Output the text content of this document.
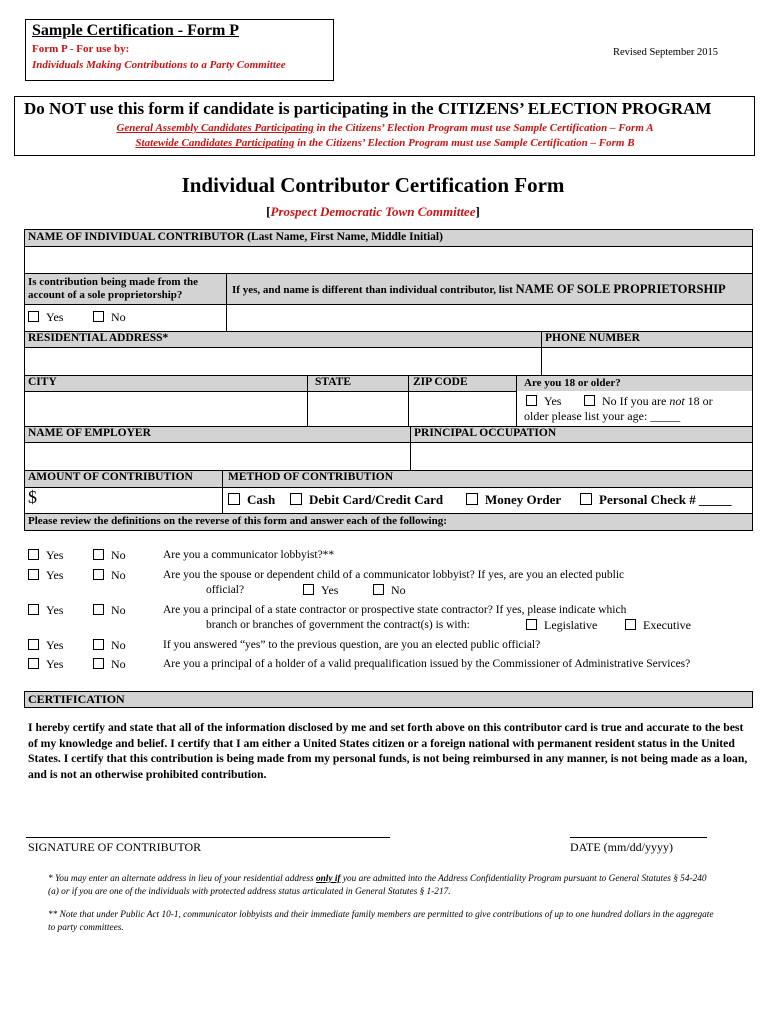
Sample Certification - Form P
Form P - For use by:
Individuals Making Contributions to a Party Committee
Revised September 2015
Do NOT use this form if candidate is participating in the CITIZENS’ ELECTION PROGRAM
General Assembly Candidates Participating in the Citizens’ Election Program must use Sample Certification – Form A
Statewide Candidates Participating in the Citizens’ Election Program must use Sample Certification – Form B
Individual Contributor Certification Form
[Prospect Democratic Town Committee]
NAME OF INDIVIDUAL CONTRIBUTOR (Last Name, First Name, Middle Initial)
Is contribution being made from the account of a sole proprietorship?	If yes, and name is different than individual contributor, list NAME OF SOLE PROPRIETORSHIP
Yes	No
RESIDENTIAL ADDRESS*	PHONE NUMBER
CITY	STATE	ZIP CODE	Are you 18 or older?
Yes	No If you are not 18 or
older please list your age: _____
NAME OF EMPLOYER	PRINCIPAL OCCUPATION
AMOUNT OF CONTRIBUTION	METHOD OF CONTRIBUTION
$	Cash	Debit Card/Credit Card	Money Order	Personal Check # _____
Please review the definitions on the reverse of this form and answer each of the following:
Yes	No	Are you a communicator lobbyist?**
Yes	No	Are you the spouse or dependent child of a communicator lobbyist? If yes, are you an elected public
official?	Yes	No
Yes	No	Are you a principal of a state contractor or prospective state contractor? If yes, please indicate which
branch or branches of government the contract(s) is with:	Legislative	Executive
Yes	No	If you answered “yes” to the previous question, are you an elected public official?
Yes	No	Are you a principal of a holder of a valid prequalification issued by the Commissioner of Administrative Services?
CERTIFICATION
I hereby certify and state that all of the information disclosed by me and set forth above on this contributor card is true and accurate to the best of my knowledge and belief. I certify that I am either a United States citizen or a foreign national with permanent resident status in the United States. I certify that this contribution is being made from my personal funds, is not being reimbursed in any manner, is not being made as a loan, and is not an otherwise prohibited contribution.
SIGNATURE OF CONTRIBUTOR	DATE (mm/dd/yyyy)
* You may enter an alternate address in lieu of your residential address only if you are admitted into the Address Confidentiality Program pursuant to General Statutes § 54-240 (a) or if you are one of the individuals with protected address status articulated in General Statutes § 1-217.
** Note that under Public Act 10-1, communicator lobbyists and their immediate family members are permitted to give contributions of up to one hundred dollars in the aggregate to party committees.
